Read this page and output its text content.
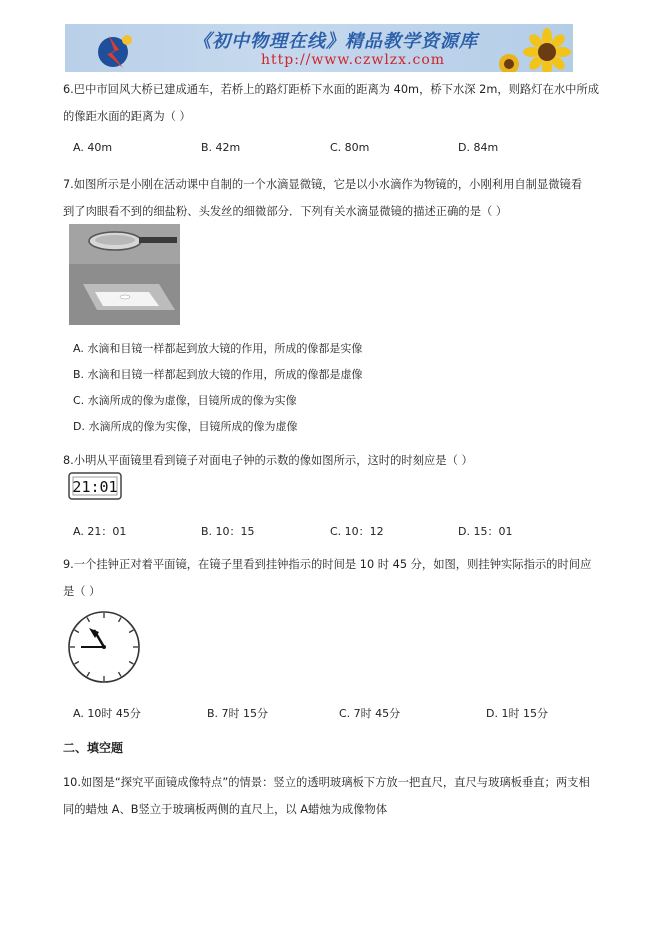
《初中物理在线》精品教学资源库
http://www.czwlzx.com
6.巴中市回风大桥已建成通车，若桥上的路灯距桥下水面的距离为 40m，桥下水深 2m，则路灯在水中所成
的像距水面的距离为（ ）
A. 40m	B. 42m	C. 80m	D. 84m
7.如图所示是小刚在活动课中自制的一个水滴显微镜，它是以小水滴作为物镜的，小刚利用自制显微镜看
到了肉眼看不到的细盐粉、头发丝的细微部分．下列有关水滴显微镜的描述正确的是（ ）
A. 水滴和目镜一样都起到放大镜的作用，所成的像都是实像
B. 水滴和目镜一样都起到放大镜的作用，所成的像都是虚像
C. 水滴所成的像为虚像，目镜所成的像为实像
D. 水滴所成的像为实像，目镜所成的像为虚像
8.小明从平面镜里看到镜子对面电子钟的示数的像如图所示，这时的时刻应是（ ）
21:01
A. 21：01	B. 10：15	C. 10：12	D. 15：01
9.一个挂钟正对着平面镜，在镜子里看到挂钟指示的时间是 10 时 45 分，如图，则挂钟实际指示的时间应
是（ ）
A. 10时 45分	B. 7时 15分	C. 7时 45分	D. 1时 15分
二、填空题
10.如图是“探究平面镜成像特点”的情景：竖立的透明玻璃板下方放一把直尺，直尺与玻璃板垂直；两支相
同的蜡烛 A、B竖立于玻璃板两侧的直尺上，以 A蜡烛为成像物体
